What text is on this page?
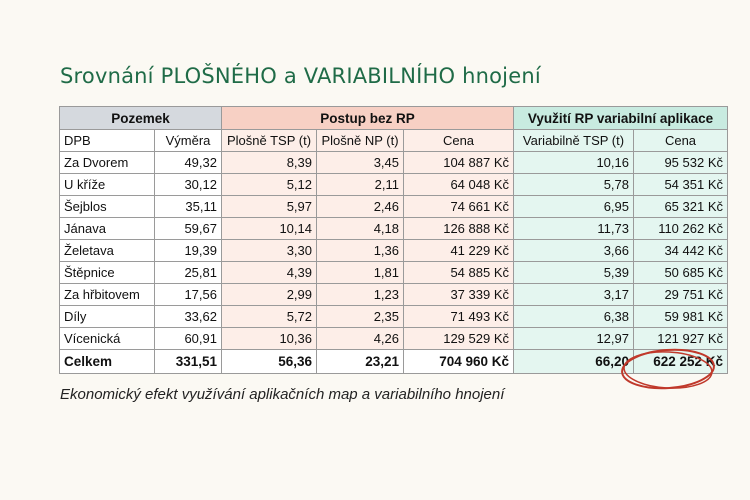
Srovnání PLOŠNÉHO a VARIABILNÍHO hnojení
Pozemek		Postup bez RP			Využití RP variabilní aplikace	
DPB	Výměra	Plošně TSP (t)	Plošně NP (t)	Cena	Variabilně TSP (t)	Cena
Za Dvorem	49,32	8,39	3,45	104 887 Kč	10,16	95 532 Kč
U kříže	30,12	5,12	2,11	64 048 Kč	5,78	54 351 Kč
Šejblos	35,11	5,97	2,46	74 661 Kč	6,95	65 321 Kč
Jánava	59,67	10,14	4,18	126 888 Kč	11,73	110 262 Kč
Želetava	19,39	3,30	1,36	41 229 Kč	3,66	34 442 Kč
Štěpnice	25,81	4,39	1,81	54 885 Kč	5,39	50 685 Kč
Za hřbitovem	17,56	2,99	1,23	37 339 Kč	3,17	29 751 Kč
Díly	33,62	5,72	2,35	71 493 Kč	6,38	59 981 Kč
Vícenická	60,91	10,36	4,26	129 529 Kč	12,97	121 927 Kč
Celkem	331,51	56,36	23,21	704 960 Kč	66,20	622 252 Kč
Ekonomický efekt využívání aplikačních map a variabilního hnojení
